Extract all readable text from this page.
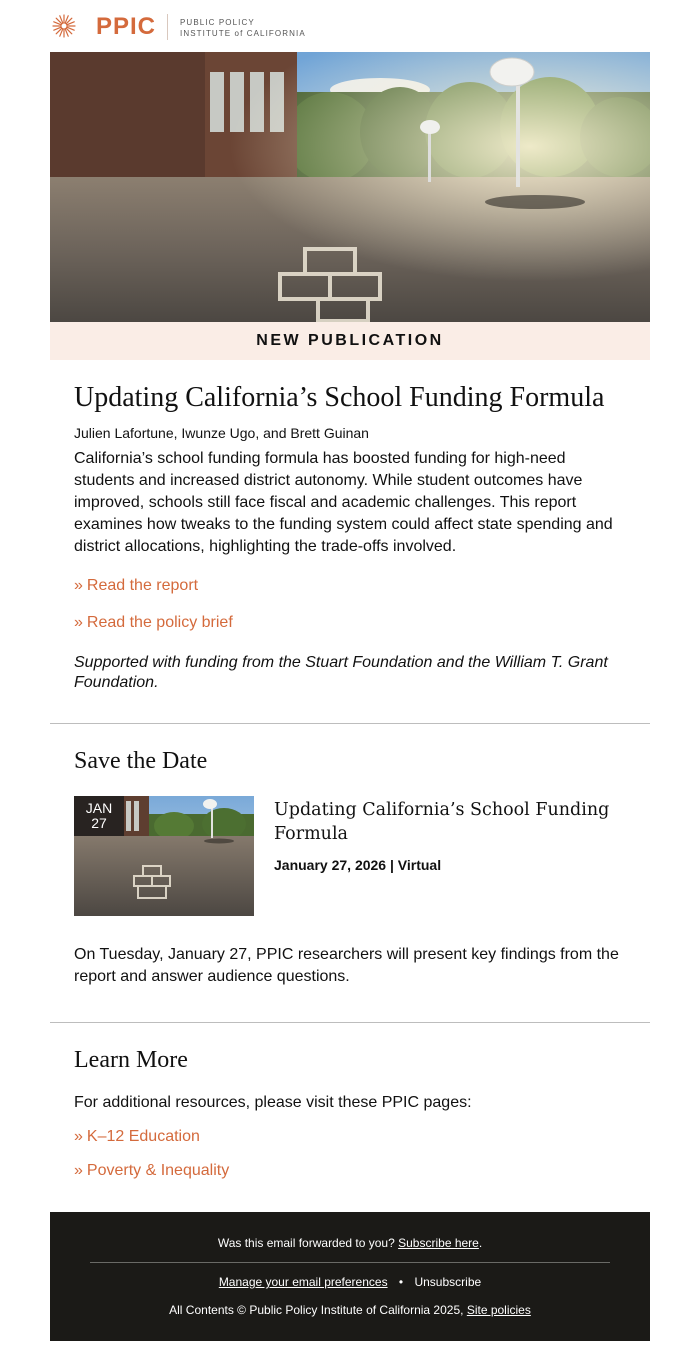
PPIC	PUBLIC POLICY
INSTITUTE of CALIFORNIA
NEW PUBLICATION
Updating California’s School Funding Formula
Julien Lafortune, Iwunze Ugo, and Brett Guinan
California’s school funding formula has boosted funding for high-need students and increased district autonomy. While student outcomes have improved, schools still face fiscal and academic challenges. This report examines how tweaks to the funding system could affect state spending and district allocations, highlighting the trade-offs involved.
» Read the report
» Read the policy brief
Supported with funding from the Stuart Foundation and the William T. Grant Foundation.
Save the Date
JAN
27
Updating California’s School Funding Formula
January 27, 2026 | Virtual
On Tuesday, January 27, PPIC researchers will present key findings from the report and answer audience questions.
Learn More
For additional resources, please visit these PPIC pages:
» K–12 Education
» Poverty & Inequality
Was this email forwarded to you? Subscribe here.
Manage your email preferences • Unsubscribe
All Contents © Public Policy Institute of California 2025, Site policies
